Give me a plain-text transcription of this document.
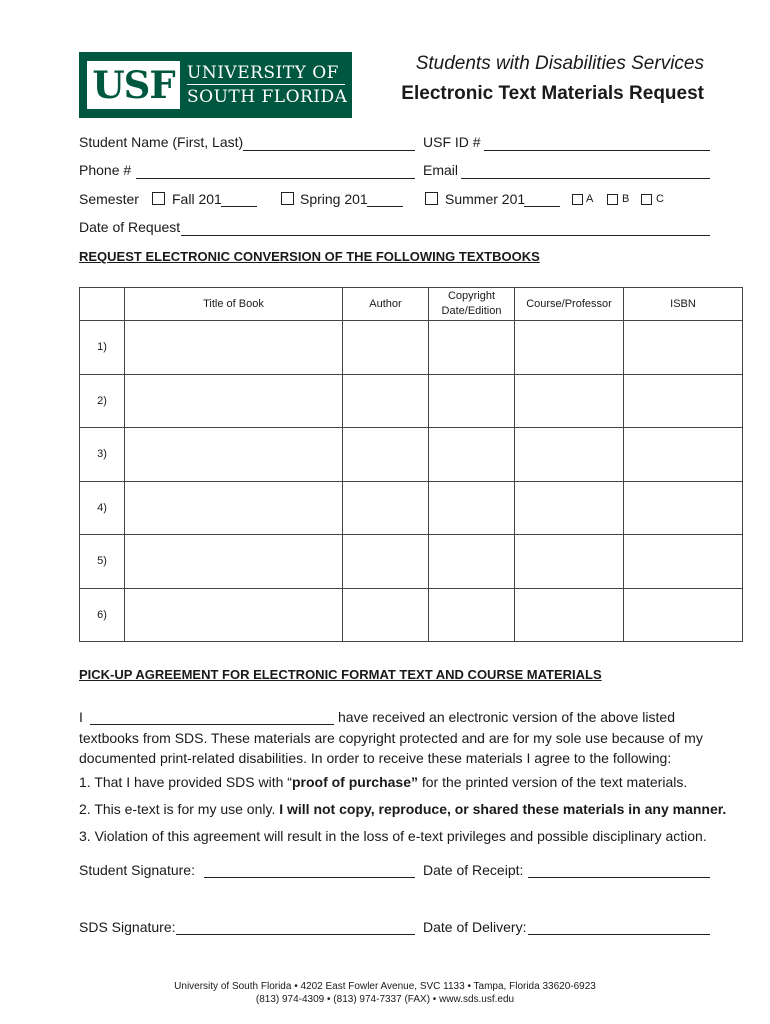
USF UNIVERSITY OF
SOUTH FLORIDA
Students with Disabilities Services
Electronic Text Materials Request
Student Name (First, Last)	USF ID #
Phone #	Email
Semester Fall 201	Spring 201	Summer 201	A	B C
Date of Request
REQUEST ELECTRONIC CONVERSION OF THE FOLLOWING TEXTBOOKS
	Title of Book	Author	Copyright Date/Edition	Course/Professor	ISBN
1)					
2)					
3)					
4)					
5)					
6)					
PICK-UP AGREEMENT FOR ELECTRONIC FORMAT TEXT AND COURSE MATERIALS
I	have received an electronic version of the above listed
textbooks from SDS. These materials are copyright protected and are for my sole use because of my documented print-related disabilities. In order to receive these materials I agree to the following:
1. That I have provided SDS with “proof of purchase” for the printed version of the text materials.
2. This e-text is for my use only. I will not copy, reproduce, or shared these materials in any manner.
3. Violation of this agreement will result in the loss of e-text privileges and possible disciplinary action.
Student Signature:	Date of Receipt:
SDS Signature:	Date of Delivery:
University of South Florida • 4202 East Fowler Avenue, SVC 1133 • Tampa, Florida 33620-6923
(813) 974-4309 • (813) 974-7337 (FAX) • www.sds.usf.edu
